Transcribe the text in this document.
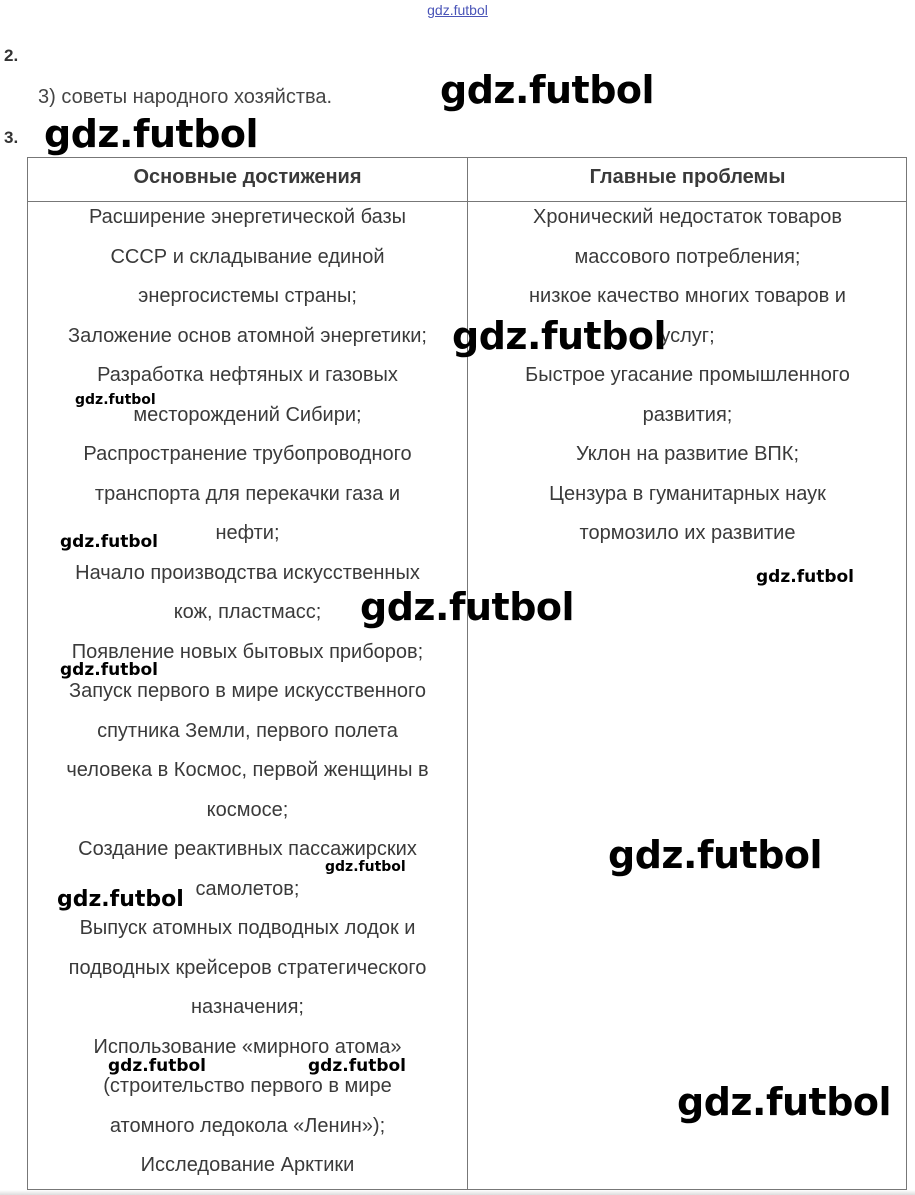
gdz.futbol
2.
3) советы народного хозяйства.
3.
Основные достижения	Главные проблемы
Расширение энергетической базы
СССР и складывание единой
энергосистемы страны;
Заложение основ атомной энергетики;
Разработка нефтяных и газовых
месторождений Сибири;
Распространение трубопроводного
транспорта для перекачки газа и
нефти;
Начало производства искусственных
кож, пластмасс;
Появление новых бытовых приборов;
Запуск первого в мире искусственного
спутника Земли, первого полета
человека в Космос, первой женщины в
космосе;
Создание реактивных пассажирских
самолетов;
Выпуск атомных подводных лодок и
подводных крейсеров стратегического
назначения;
Использование «мирного атома»
(строительство первого в мире
атомного ледокола «Ленин»);
Исследование Арктики
Хронический недостаток товаров
массового потребления;
низкое качество многих товаров и
услуг;
Быстрое угасание промышленного
развития;
Уклон на развитие ВПК;
Цензура в гуманитарных наук
тормозило их развитие
gdz.futbol
gdz.futbol
gdz.futbol
gdz.futbol
gdz.futbol
gdz.futbol
gdz.futbol
gdz.futbol
gdz.futbol
gdz.futbol
gdz.futbol
gdz.futbol	gdz.futbol
gdz.futbol
